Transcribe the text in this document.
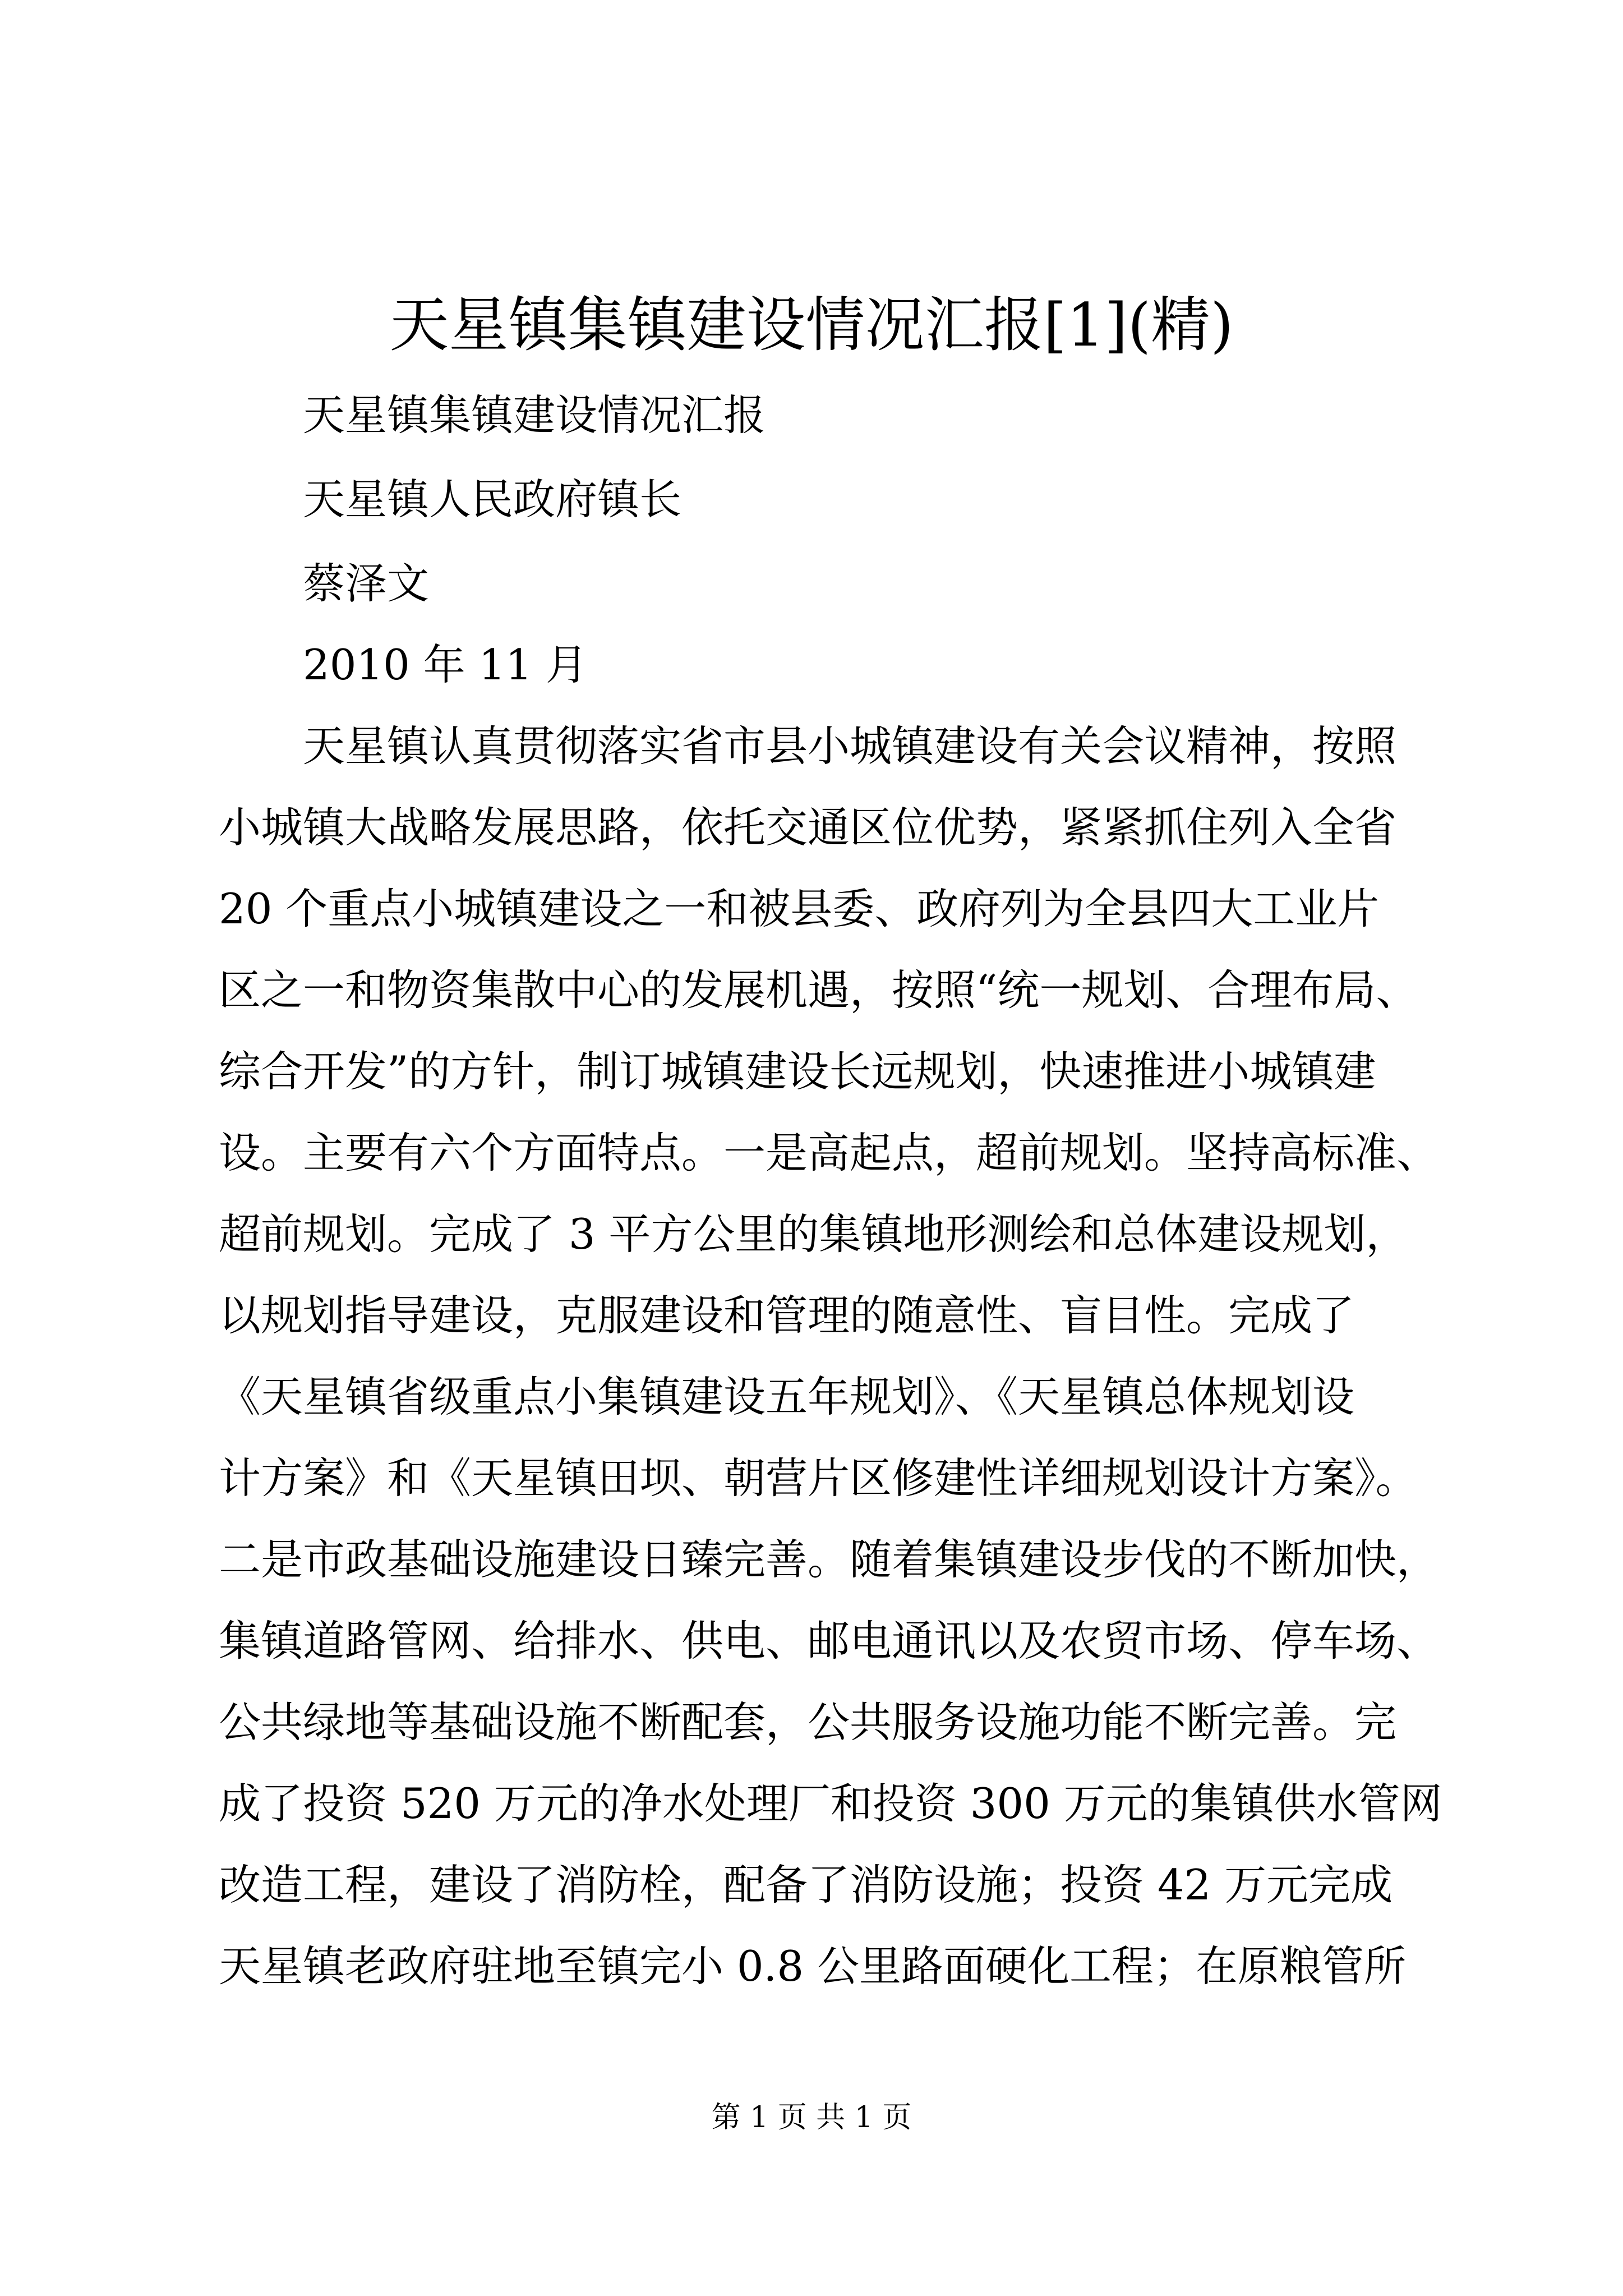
天星镇集镇建设情况汇报[1](精)
天星镇集镇建设情况汇报
天星镇人民政府镇长
蔡泽文
2010 年 11 月
天星镇认真贯彻落实省市县小城镇建设有关会议精神，按照
小城镇大战略发展思路，依托交通区位优势，紧紧抓住列入全省
20 个重点小城镇建设之一和被县委、政府列为全县四大工业片
区之一和物资集散中心的发展机遇，按照“统一规划、合理布局、
综合开发”的方针，制订城镇建设长远规划，快速推进小城镇建
设。主要有六个方面特点。一是高起点，超前规划。坚持高标准、
超前规划。完成了 3 平方公里的集镇地形测绘和总体建设规划，
以规划指导建设，克服建设和管理的随意性、盲目性。完成了
《天星镇省级重点小集镇建设五年规划》、《天星镇总体规划设
计方案》和《天星镇田坝、朝营片区修建性详细规划设计方案》。
二是市政基础设施建设日臻完善。随着集镇建设步伐的不断加快，
集镇道路管网、给排水、供电、邮电通讯以及农贸市场、停车场、
公共绿地等基础设施不断配套，公共服务设施功能不断完善。完
成了投资 520 万元的净水处理厂和投资 300 万元的集镇供水管网
改造工程，建设了消防栓，配备了消防设施；投资 42 万元完成
天星镇老政府驻地至镇完小 0.8 公里路面硬化工程；在原粮管所
第 1 页 共 1 页
